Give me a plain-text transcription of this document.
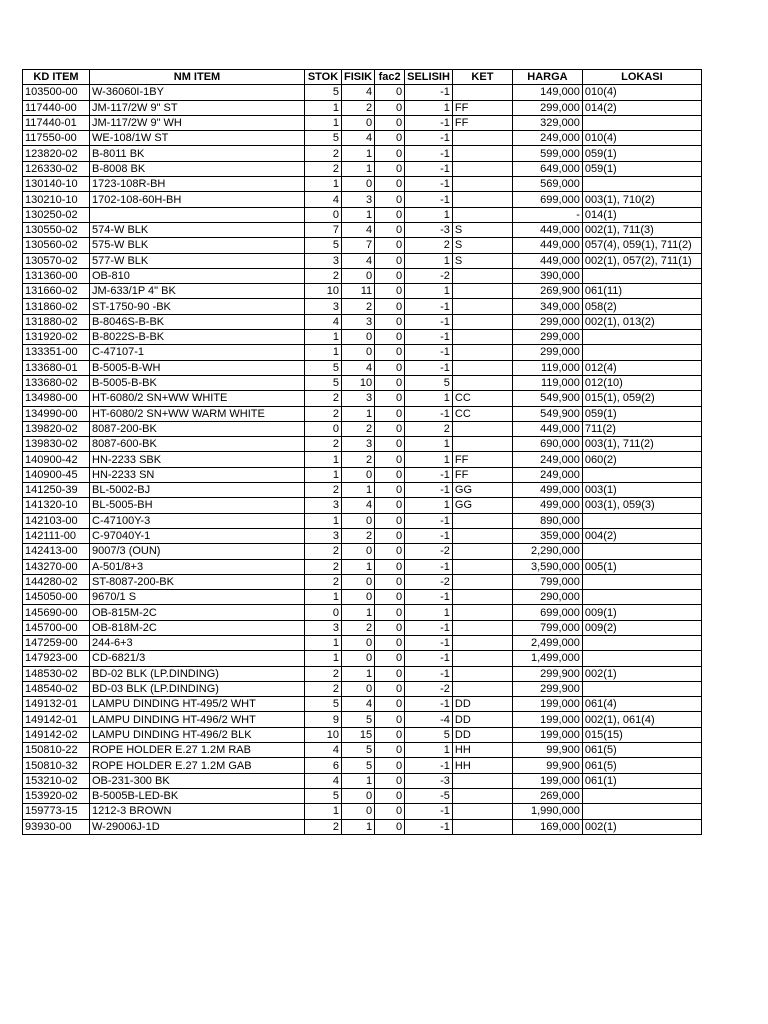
KD ITEM	NM ITEM	STOK	FISIK	fac2	SELISIH	KET	HARGA	LOKASI
103500-00	W-36060I-1BY	5	4	0	-1		149,000	010(4)
117440-00	JM-117/2W 9" ST	1	2	0	1	FF	299,000	014(2)
117440-01	JM-117/2W 9" WH	1	0	0	-1	FF	329,000	
117550-00	WE-108/1W ST	5	4	0	-1		249,000	010(4)
123820-02	B-8011 BK	2	1	0	-1		599,000	059(1)
126330-02	B-8008 BK	2	1	0	-1		649,000	059(1)
130140-10	1723-108R-BH	1	0	0	-1		569,000	
130210-10	1702-108-60H-BH	4	3	0	-1		699,000	003(1), 710(2)
130250-02		0	1	0	1		-	014(1)
130550-02	574-W BLK	7	4	0	-3	S	449,000	002(1), 711(3)
130560-02	575-W BLK	5	7	0	2	S	449,000	057(4), 059(1), 711(2)
130570-02	577-W BLK	3	4	0	1	S	449,000	002(1), 057(2), 711(1)
131360-00	OB-810	2	0	0	-2		390,000	
131660-02	JM-633/1P 4" BK	10	11	0	1		269,900	061(11)
131860-02	ST-1750-90 -BK	3	2	0	-1		349,000	058(2)
131880-02	B-8046S-B-BK	4	3	0	-1		299,000	002(1), 013(2)
131920-02	B-8022S-B-BK	1	0	0	-1		299,000	
133351-00	C-47107-1	1	0	0	-1		299,000	
133680-01	B-5005-B-WH	5	4	0	-1		119,000	012(4)
133680-02	B-5005-B-BK	5	10	0	5		119,000	012(10)
134980-00	HT-6080/2 SN+WW WHITE	2	3	0	1	CC	549,900	015(1), 059(2)
134990-00	HT-6080/2 SN+WW WARM WHITE	2	1	0	-1	CC	549,900	059(1)
139820-02	8087-200-BK	0	2	0	2		449,000	711(2)
139830-02	8087-600-BK	2	3	0	1		690,000	003(1), 711(2)
140900-42	HN-2233 SBK	1	2	0	1	FF	249,000	060(2)
140900-45	HN-2233 SN	1	0	0	-1	FF	249,000	
141250-39	BL-5002-BJ	2	1	0	-1	GG	499,000	003(1)
141320-10	BL-5005-BH	3	4	0	1	GG	499,000	003(1), 059(3)
142103-00	C-47100Y-3	1	0	0	-1		890,000	
142111-00	C-97040Y-1	3	2	0	-1		359,000	004(2)
142413-00	9007/3 (OUN)	2	0	0	-2		2,290,000	
143270-00	A-501/8+3	2	1	0	-1		3,590,000	005(1)
144280-02	ST-8087-200-BK	2	0	0	-2		799,000	
145050-00	9670/1 S	1	0	0	-1		290,000	
145690-00	OB-815M-2C	0	1	0	1		699,000	009(1)
145700-00	OB-818M-2C	3	2	0	-1		799,000	009(2)
147259-00	244-6+3	1	0	0	-1		2,499,000	
147923-00	CD-6821/3	1	0	0	-1		1,499,000	
148530-02	BD-02 BLK (LP.DINDING)	2	1	0	-1		299,900	002(1)
148540-02	BD-03 BLK (LP.DINDING)	2	0	0	-2		299,900	
149132-01	LAMPU DINDING HT-495/2 WHT	5	4	0	-1	DD	199,000	061(4)
149142-01	LAMPU DINDING HT-496/2 WHT	9	5	0	-4	DD	199,000	002(1), 061(4)
149142-02	LAMPU DINDING HT-496/2 BLK	10	15	0	5	DD	199,000	015(15)
150810-22	ROPE HOLDER E.27 1.2M RAB	4	5	0	1	HH	99,900	061(5)
150810-32	ROPE HOLDER E.27 1.2M GAB	6	5	0	-1	HH	99,900	061(5)
153210-02	OB-231-300 BK	4	1	0	-3		199,000	061(1)
153920-02	B-5005B-LED-BK	5	0	0	-5		269,000	
159773-15	1212-3 BROWN	1	0	0	-1		1,990,000	
93930-00	W-29006J-1D	2	1	0	-1		169,000	002(1)
